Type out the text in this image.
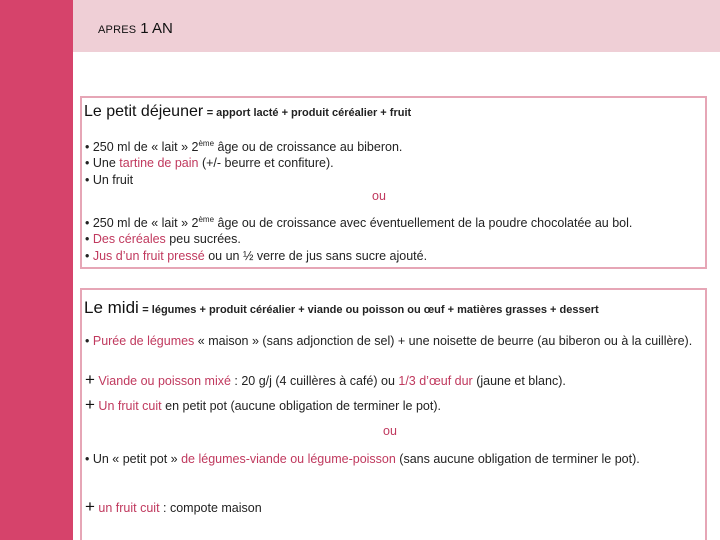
APRES 1 AN
Le petit déjeuner = apport lacté + produit céréalier + fruit
• 250 ml de « lait » 2ème âge ou de croissance au biberon.
• Une tartine de pain (+/- beurre et confiture).
• Un fruit
ou
• 250 ml de « lait » 2ème âge ou de croissance avec éventuellement de la poudre chocolatée au bol.
• Des céréales peu sucrées.
• Jus d’un fruit pressé ou un ½ verre de jus sans sucre ajouté.
Le midi = légumes + produit céréalier + viande ou poisson ou œuf + matières grasses + dessert
• Purée de légumes « maison » (sans adjonction de sel) + une noisette de beurre (au biberon ou à la cuillère).
+ Viande ou poisson mixé : 20 g/j (4 cuillères à café) ou 1/3 d’œuf dur (jaune et blanc).
+ Un fruit cuit en petit pot (aucune obligation de terminer le pot).
ou
• Un « petit pot » de légumes-viande ou légume-poisson (sans aucune obligation de terminer le pot).
+ un fruit cuit : compote maison
